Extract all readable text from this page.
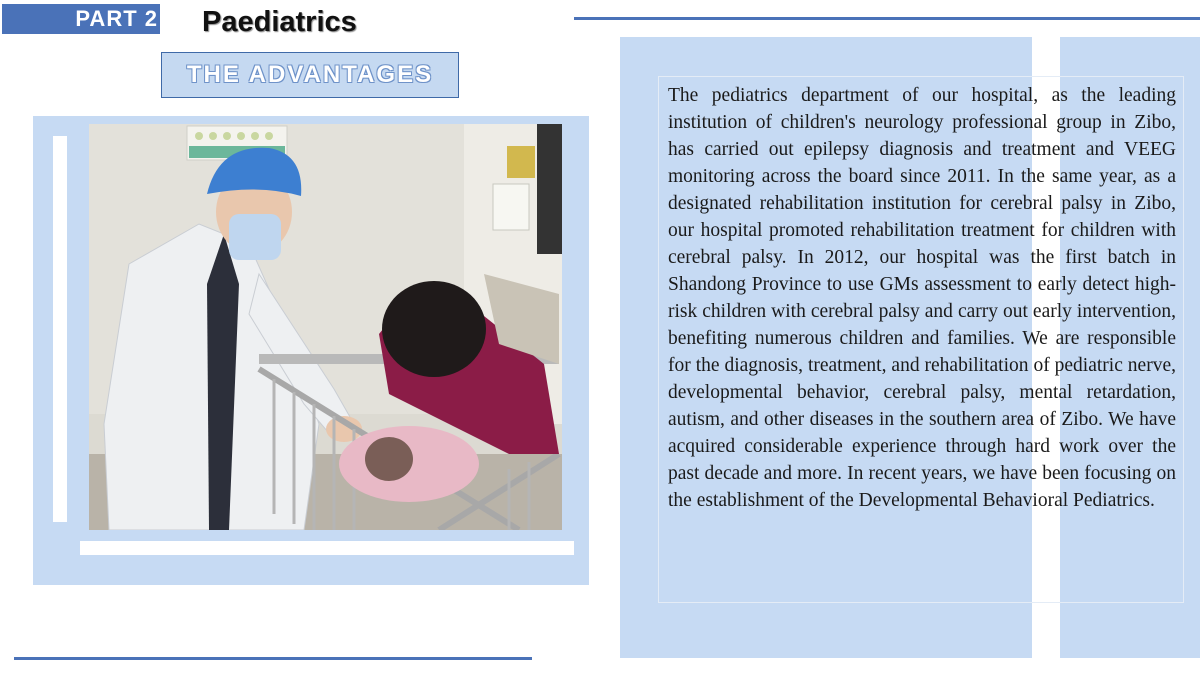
PART 2 Paediatrics
THE ADVANTAGES

The pediatrics department of our hospital, as the leading institution of children's neurology professional group in Zibo, has carried out epilepsy diagnosis and treatment and VEEG monitoring across the board since 2011. In the same year, as a designated rehabilitation institution for cerebral palsy in Zibo, our hospital promoted rehabilitation treatment for children with cerebral palsy. In 2012, our hospital was the first batch in Shandong Province to use GMs assessment to early detect high-risk children with cerebral palsy and carry out early intervention, benefiting numerous children and families. We are responsible for the diagnosis, treatment, and rehabilitation of pediatric nerve, developmental behavior, cerebral palsy, mental retardation, autism, and other diseases in the southern area of Zibo. We have acquired considerable experience through hard work over the past decade and more. In recent years, we have been focusing on the establishment of the Developmental Behavioral Pediatrics.
